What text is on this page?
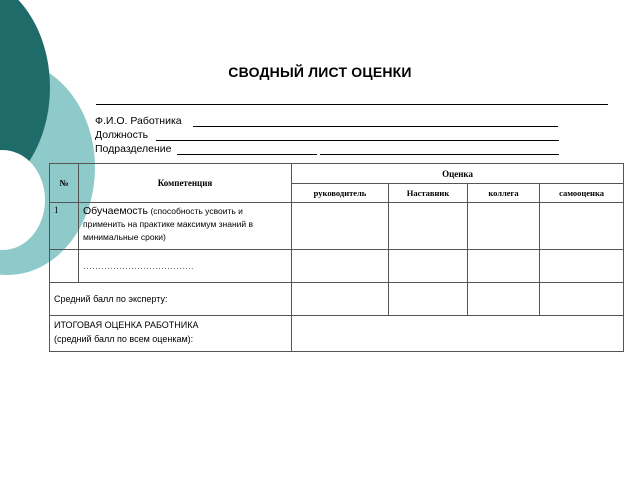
СВОДНЫЙ ЛИСТ ОЦЕНКИ
Ф.И.О. Работника
Должность
Подразделение
№	Компетенция	Оценка			
		руководитель	Наставник	коллега	самооценка
1	Обучаемость (способность усвоить и применить на практике максимум знаний в минимальные сроки)				
	……………………………….				
Средний балл по эксперту:					

ИТОГОВАЯ ОЦЕНКА РАБОТНИКА
(средний балл по всем оценкам):					
